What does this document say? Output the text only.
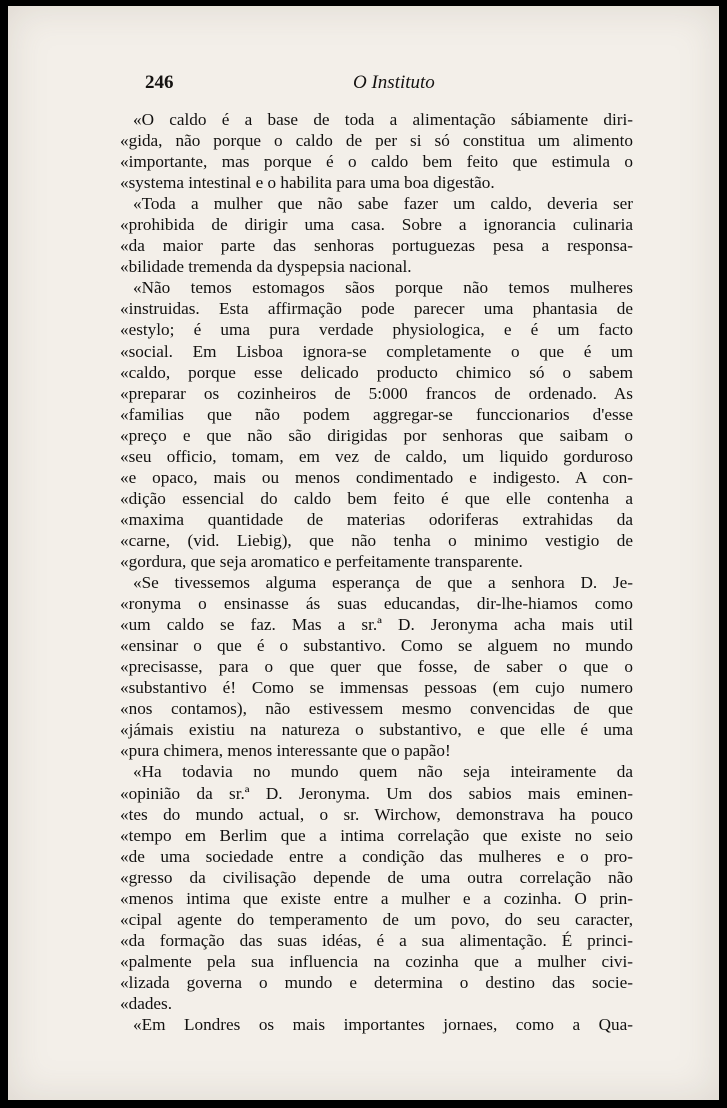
246	O Instituto
«O caldo é a base de toda a alimentação sábiamente diri-
«gida, não porque o caldo de per si só constitua um alimento
«importante, mas porque é o caldo bem feito que estimula o
«systema intestinal e o habilita para uma boa digestão.
«Toda a mulher que não sabe fazer um caldo, deveria ser
«prohibida de dirigir uma casa. Sobre a ignorancia culinaria
«da maior parte das senhoras portuguezas pesa a responsa-
«bilidade tremenda da dyspepsia nacional.
«Não temos estomagos sãos porque não temos mulheres
«instruidas. Esta affirmação pode parecer uma phantasia de
«estylo; é uma pura verdade physiologica, e é um facto
«social. Em Lisboa ignora-se completamente o que é um
«caldo, porque esse delicado producto chimico só o sabem
«preparar os cozinheiros de 5:000 francos de ordenado. As
«familias que não podem aggregar-se funccionarios d'esse
«preço e que não são dirigidas por senhoras que saibam o
«seu officio, tomam, em vez de caldo, um liquido gorduroso
«e opaco, mais ou menos condimentado e indigesto. A con-
«dição essencial do caldo bem feito é que elle contenha a
«maxima quantidade de materias odoriferas extrahidas da
«carne, (vid. Liebig), que não tenha o minimo vestigio de
«gordura, que seja aromatico e perfeitamente transparente.
«Se tivessemos alguma esperança de que a senhora D. Je-
«ronyma o ensinasse ás suas educandas, dir-lhe-hiamos como
«um caldo se faz. Mas a sr.ª D. Jeronyma acha mais util
«ensinar o que é o substantivo. Como se alguem no mundo
«precisasse, para o que quer que fosse, de saber o que o
«substantivo é! Como se immensas pessoas (em cujo numero
«nos contamos), não estivessem mesmo convencidas de que
«jámais existiu na natureza o substantivo, e que elle é uma
«pura chimera, menos interessante que o papão!
«Ha todavia no mundo quem não seja inteiramente da
«opinião da sr.ª D. Jeronyma. Um dos sabios mais eminen-
«tes do mundo actual, o sr. Wirchow, demonstrava ha pouco
«tempo em Berlim que a intima correlação que existe no seio
«de uma sociedade entre a condição das mulheres e o pro-
«gresso da civilisação depende de uma outra correlação não
«menos intima que existe entre a mulher e a cozinha. O prin-
«cipal agente do temperamento de um povo, do seu caracter,
«da formação das suas idéas, é a sua alimentação. É princi-
«palmente pela sua influencia na cozinha que a mulher civi-
«lizada governa o mundo e determina o destino das socie-
«dades.
«Em Londres os mais importantes jornaes, como a Qua-
